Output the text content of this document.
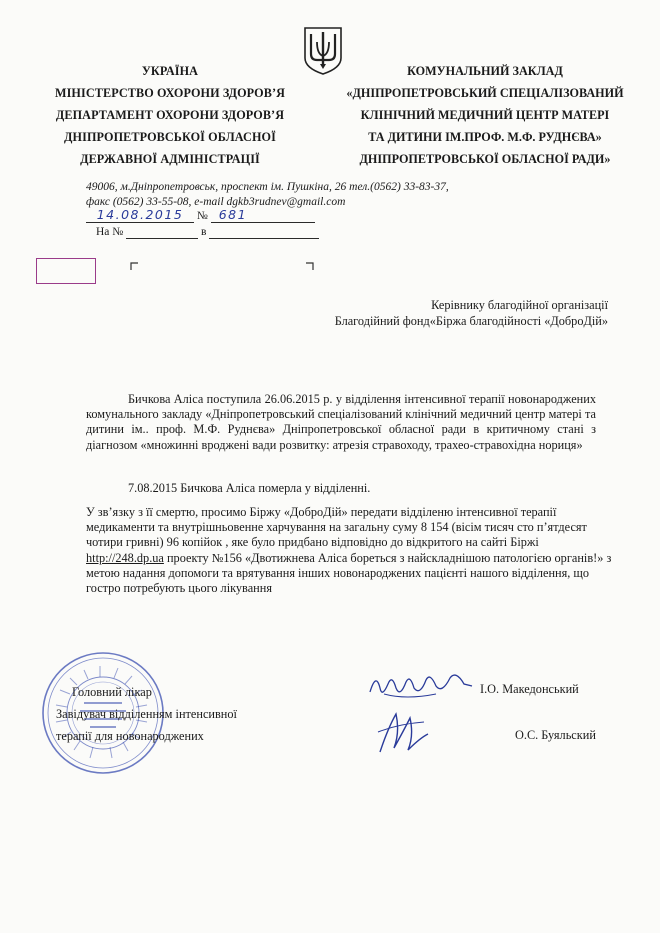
УКРАЇНА
МІНІСТЕРСТВО ОХОРОНИ ЗДОРОВ’Я
ДЕПАРТАМЕНТ ОХОРОНИ ЗДОРОВ’Я
ДНІПРОПЕТРОВСЬКОЇ ОБЛАСНОЇ
ДЕРЖАВНОЇ АДМІНІСТРАЦІЇ
КОМУНАЛЬНИЙ ЗАКЛАД
«ДНІПРОПЕТРОВСЬКИЙ СПЕЦІАЛІЗОВАНИЙ
КЛІНІЧНИЙ МЕДИЧНИЙ ЦЕНТР МАТЕРІ
ТА ДИТИНИ ІМ.ПРОФ. М.Ф. РУДНЄВА»
ДНІПРОПЕТРОВСЬКОЇ ОБЛАСНОЇ РАДИ»
49006, м.Дніпропетровськ, проспект ім. Пушкіна, 26 тел.(0562) 33-83-37,
факс (0562) 33-55-08, e-mail dgkb3rudnev@gmail.com
14.08.2015 № 681
На №	в
Керівнику благодійної організації
Благодійний фонд«Біржа благодійності «ДоброДій»
Бичкова Аліса поступила 26.06.2015 р. у відділення інтенсивної терапії новонароджених комунального закладу «Дніпропетровський спеціалізований клінічний медичний центр матері та дитини ім.. проф. М.Ф. Руднєва» Дніпропетровської обласної ради в критичному стані з діагнозом «множинні вроджені вади розвитку: атрезія стравоходу, трахео-стравохідна нориця»
7.08.2015 Бичкова Аліса померла у відділенні.
У зв’язку з її смертю, просимо Біржу «ДоброДій» передати відділеню інтенсивної терапії медикаменти та внутрішньовенне харчування на загальну суму 8 154 (вісім тисяч сто п’ятдесят чотири гривні) 96 копійок , яке було придбано відповідно до відкритого на сайті Біржі http://248.dp.ua проекту №156 «Двотижнева Аліса бореться з найскладнішою патологією органів!» з метою надання допомоги та врятування інших новонароджених пацієнті нашого відділення, що гостро потребують цього лікування
Головний лікар
Завідувач відділенням інтенсивної
терапії для новонароджених
І.О. Македонський
О.С. Буяльский
